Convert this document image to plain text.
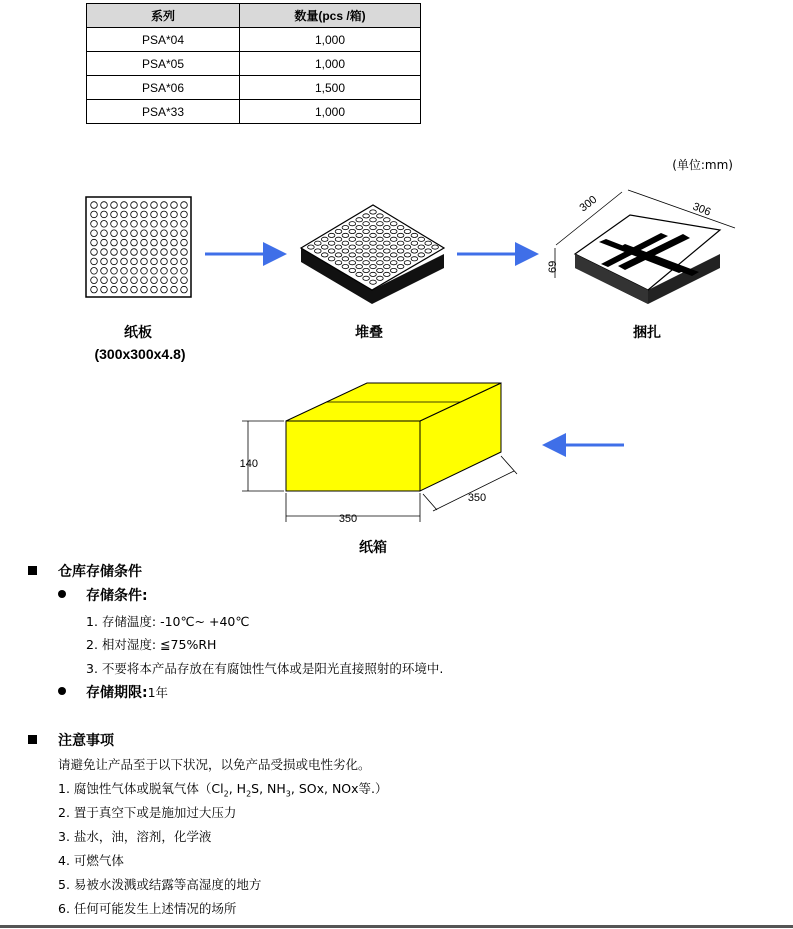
系列	数量(pcs /箱)
PSA*04	1,000
PSA*05	1,000
PSA*06	1,500
PSA*33	1,000
(单位:mm)
300	306
69
纸板
(300x300x4.8)
堆叠	捆扎
140
350
350
纸箱
仓库存储条件
存储条件:
1. 存储温度: -10℃~ +40℃
2. 相对湿度: ≦75%RH
3. 不要将本产品存放在有腐蚀性气体或是阳光直接照射的环境中.
存储期限:1年
注意事项
请避免让产品至于以下状况，以免产品受损或电性劣化。
1. 腐蚀性气体或脱氧气体（$Cl_2$, $H_2S$, $NH_3$, SOx, NOx等.）
2. 置于真空下或是施加过大压力
3. 盐水，油，溶剂，化学液
4. 可燃气体
5. 易被水泼溅或结露等高湿度的地方
6. 任何可能发生上述情况的场所
